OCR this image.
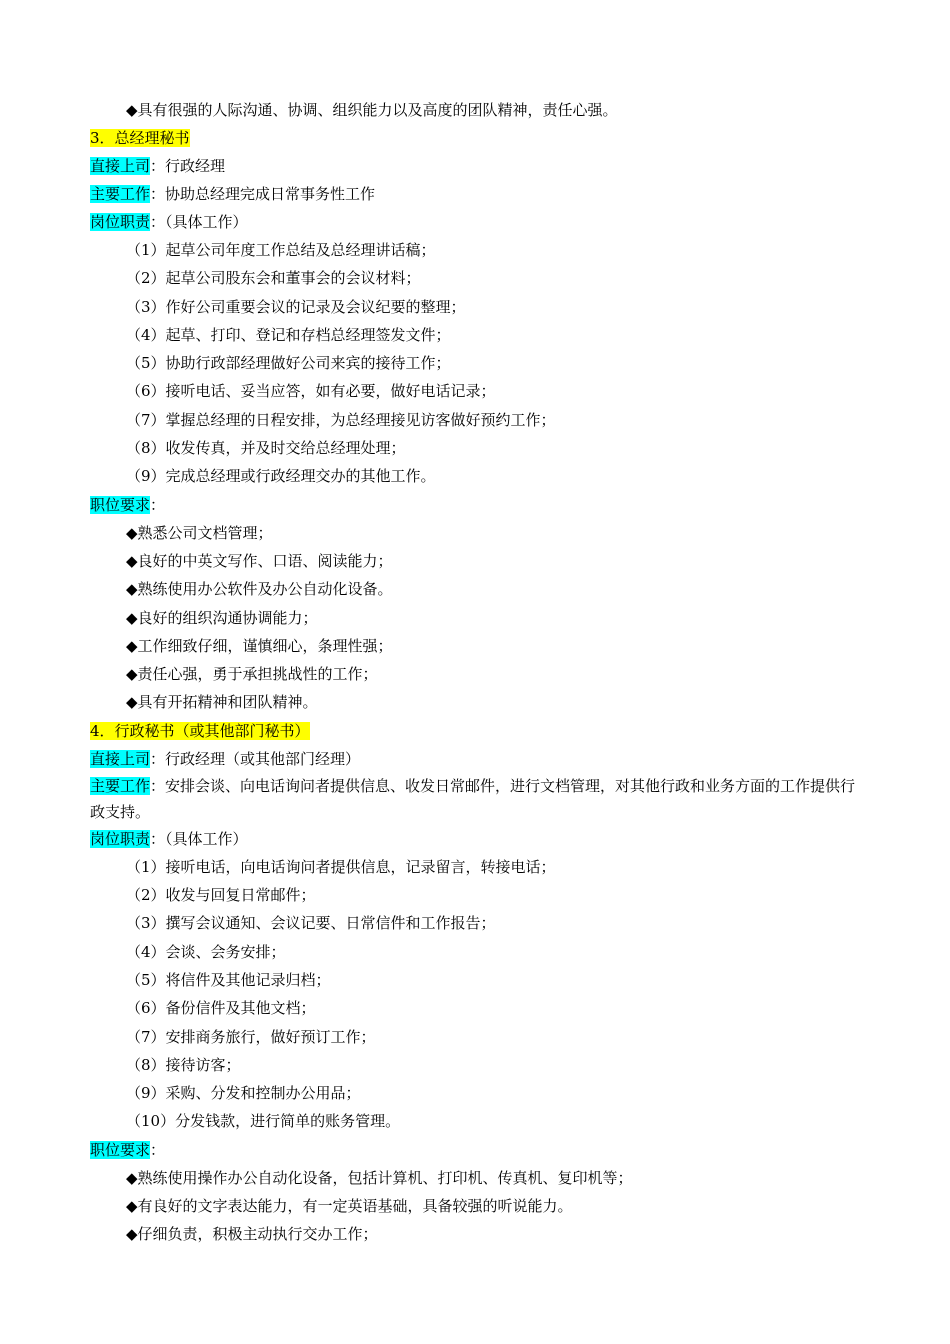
◆具有很强的人际沟通、协调、组织能力以及高度的团队精神，责任心强。
3．总经理秘书
直接上司：行政经理
主要工作：协助总经理完成日常事务性工作
岗位职责：（具体工作）
（1）起草公司年度工作总结及总经理讲话稿；
（2）起草公司股东会和董事会的会议材料；
（3）作好公司重要会议的记录及会议纪要的整理；
（4）起草、打印、登记和存档总经理签发文件；
（5）协助行政部经理做好公司来宾的接待工作；
（6）接听电话、妥当应答，如有必要，做好电话记录；
（7）掌握总经理的日程安排，为总经理接见访客做好预约工作；
（8）收发传真，并及时交给总经理处理；
（9）完成总经理或行政经理交办的其他工作。
职位要求：
◆熟悉公司文档管理；
◆良好的中英文写作、口语、阅读能力；
◆熟练使用办公软件及办公自动化设备。
◆良好的组织沟通协调能力；
◆工作细致仔细，谨慎细心，条理性强；
◆责任心强，勇于承担挑战性的工作；
◆具有开拓精神和团队精神。
4．行政秘书（或其他部门秘书）
直接上司：行政经理（或其他部门经理）
主要工作：安排会谈、向电话询问者提供信息、收发日常邮件，进行文档管理，对其他行政和业务方面的工作提供行政支持。
岗位职责：（具体工作）
（1）接听电话，向电话询问者提供信息，记录留言，转接电话；
（2）收发与回复日常邮件；
（3）撰写会议通知、会议记要、日常信件和工作报告；
（4）会谈、会务安排；
（5）将信件及其他记录归档；
（6）备份信件及其他文档；
（7）安排商务旅行，做好预订工作；
（8）接待访客；
（9）采购、分发和控制办公用品；
（10）分发钱款，进行简单的账务管理。
职位要求：
◆熟练使用操作办公自动化设备，包括计算机、打印机、传真机、复印机等；
◆有良好的文字表达能力，有一定英语基础，具备较强的听说能力。
◆仔细负责，积极主动执行交办工作；
